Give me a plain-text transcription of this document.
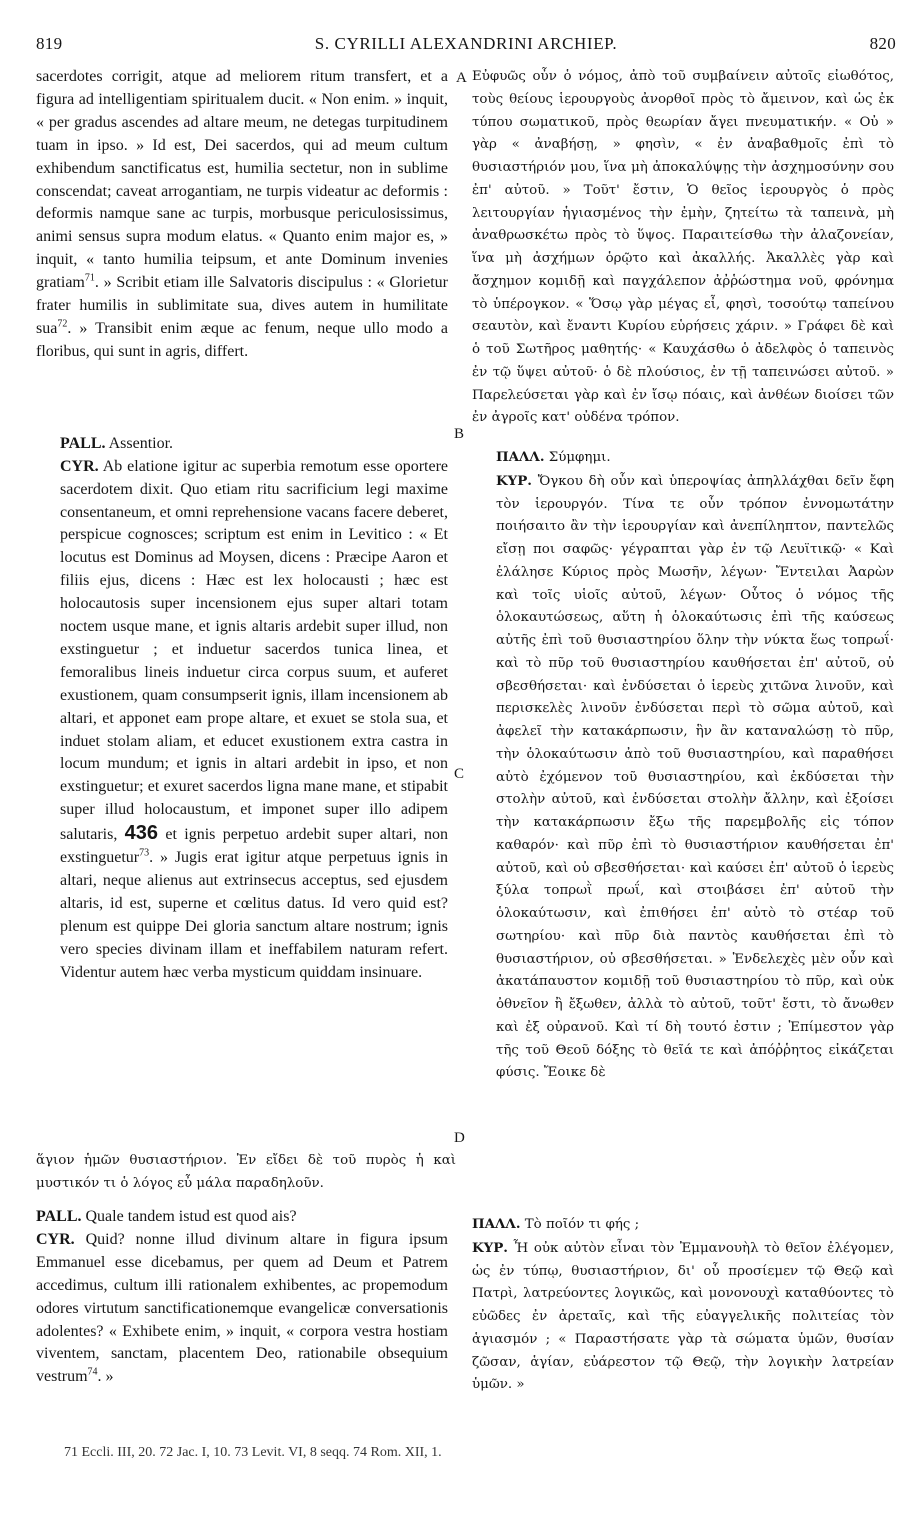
819	S. CYRILLI ALEXANDRINI ARCHIEP.	820

sacerdotes corrigit, atque ad meliorem ritum transfert, et a figura ad intelligentiam spiritualem ducit. « Non enim. » inquit, « per gradus ascendes ad altare meum, ne detegas turpitudinem tuam in ipso. » Id est, Dei sacerdos, qui ad meum cultum exhibendum sanctificatus est, humilia sectetur, non in sublime conscendat; caveat arrogantiam, ne turpis videatur ac deformis : deformis namque sane ac turpis, morbusque periculosissimus, animi sensus supra modum elatus. « Quanto enim major es, » inquit, « tanto humilia teipsum, et ante Dominum invenies gratiam$^{71}$. » Scribit etiam ille Salvatoris discipulus : « Glorietur frater humilis in sublimitate sua, dives autem in humilitate sua$^{72}$. » Transibit enim æque ac fenum, neque ullo modo a floribus, qui sunt in agris, differt.

PALL. Assentior.

CYR. Ab elatione igitur ac superbia remotum esse oportere sacerdotem dixit. Quo etiam ritu sacrificium legi maxime consentaneum, et omni reprehensione vacans facere deberet, perspicue cognosces; scriptum est enim in Levitico : « Et locutus est Dominus ad Moysen, dicens : Præcipe Aaron et filiis ejus, dicens : Hæc est lex holocausti ; hæc est holocautosis super incensionem ejus super altari totam noctem usque mane, et ignis altaris ardebit super illud, non exstinguetur ; et induetur sacerdos tunica linea, et femoralibus lineis induetur circa corpus suum, et auferet exustionem, quam consumpserit ignis, illam incensionem ab altari, et apponet eam prope altare, et exuet se stola sua, et induet stolam aliam, et educet exustionem extra castra in locum mundum; et ignis in altari ardebit in ipso, et non exstinguetur; et exuret sacerdos ligna mane mane, et stipabit super illud holocaustum, et imponet super illo adipem salutaris, 436 et ignis perpetuo ardebit super altari, non exstinguetur$^{73}$. » Jugis erat igitur atque perpetuus ignis in altari, neque alienus aut extrinsecus acceptus, sed ejusdem altaris, id est, superne et cœlitus datus. Id vero quid est? plenum est quippe Dei gloria sanctum altare nostrum; ignis vero species divinam illam et ineffabilem naturam refert. Videntur autem hæc verba mysticum quiddam insinuare.

A
B
C
D

Εὐφυῶς οὖν ὁ νόμος, ἀπὸ τοῦ συμβαίνειν αὐτοῖς εἰωθότος, τοὺς θείους ἱερουργοὺς ἀνορθοῖ πρὸς τὸ ἄμεινον, καὶ ὡς ἐκ τύπου σωματικοῦ, πρὸς θεωρίαν ἄγει πνευματικήν. « Οὐ » γὰρ « ἀναβήσῃ, » φησὶν, « ἐν ἀναβαθμοῖς ἐπὶ τὸ θυσιαστήριόν μου, ἵνα μὴ ἀποκαλύψῃς τὴν ἀσχημοσύνην σου ἐπ' αὐτοῦ. » Τοῦτ' ἔστιν, Ὁ θεῖος ἱερουργὸς ὁ πρὸς λειτουργίαν ἡγιασμένος τὴν ἐμὴν, ζητείτω τὰ ταπεινὰ, μὴ ἀναθρωσκέτω πρὸς τὸ ὕψος. Παραιτείσθω τὴν ἀλαζονείαν, ἵνα μὴ ἀσχήμων ὁρῷτο καὶ ἀκαλλής. Ἀκαλλὲς γὰρ καὶ ἄσχημον κομιδῇ καὶ παγχάλεπον ἀῤῥώστημα νοῦ, φρόνημα τὸ ὑπέρογκον. « Ὅσῳ γὰρ μέγας εἶ, φησὶ, τοσούτῳ ταπείνου σεαυτὸν, καὶ ἔναντι Κυρίου εὑρήσεις χάριν. » Γράφει δὲ καὶ ὁ τοῦ Σωτῆρος μαθητής· « Καυχάσθω ὁ ἀδελφὸς ὁ ταπεινὸς ἐν τῷ ὕψει αὐτοῦ· ὁ δὲ πλούσιος, ἐν τῇ ταπεινώσει αὐτοῦ. » Παρελεύσεται γὰρ καὶ ἐν ἴσῳ πόαις, καὶ ἀνθέων διοίσει τῶν ἐν ἀγροῖς κατ' οὐδένα τρόπον.

ΠΑΛΛ. Σύμφημι.

ΚΥΡ. Ὄγκου δὴ οὖν καὶ ὑπεροψίας ἀπηλλάχθαι δεῖν ἔφη τὸν ἱερουργόν. Τίνα τε οὖν τρόπον ἐννομωτάτην ποιήσαιτο ἂν τὴν ἱερουργίαν καὶ ἀνεπίληπτον, παντελῶς εἴσῃ ποι σαφῶς· γέγραπται γὰρ ἐν τῷ Λευϊτικῷ· « Καὶ ἐλάλησε Κύριος πρὸς Μωσῆν, λέγων· Ἔντειλαι Ἀαρὼν καὶ τοῖς υἱοῖς αὐτοῦ, λέγων· Οὗτος ὁ νόμος τῆς ὁλοκαυτώσεως, αὕτη ἡ ὁλοκαύτωσις ἐπὶ τῆς καύσεως αὐτῆς ἐπὶ τοῦ θυσιαστηρίου ὅλην τὴν νύκτα ἕως τοπρωΐ· καὶ τὸ πῦρ τοῦ θυσιαστηρίου καυθήσεται ἐπ' αὐτοῦ, οὐ σβεσθήσεται· καὶ ἐνδύσεται ὁ ἱερεὺς χιτῶνα λινοῦν, καὶ περισκελὲς λινοῦν ἐνδύσεται περὶ τὸ σῶμα αὐτοῦ, καὶ ἀφελεῖ τὴν κατακάρπωσιν, ἣν ἂν καταναλώσῃ τὸ πῦρ, τὴν ὁλοκαύτωσιν ἀπὸ τοῦ θυσιαστηρίου, καὶ παραθήσει αὐτὸ ἐχόμενον τοῦ θυσιαστηρίου, καὶ ἐκδύσεται τὴν στολὴν αὐτοῦ, καὶ ἐνδύσεται στολὴν ἄλλην, καὶ ἐξοίσει τὴν κατακάρπωσιν ἔξω τῆς παρεμβολῆς εἰς τόπον καθαρόν· καὶ πῦρ ἐπὶ τὸ θυσιαστήριον καυθήσεται ἐπ' αὐτοῦ, καὶ οὐ σβεσθήσεται· καὶ καύσει ἐπ' αὐτοῦ ὁ ἱερεὺς ξύλα τοπρωῒ πρωΐ, καὶ στοιβάσει ἐπ' αὐτοῦ τὴν ὁλοκαύτωσιν, καὶ ἐπιθήσει ἐπ' αὐτὸ τὸ στέαρ τοῦ σωτηρίου· καὶ πῦρ διὰ παντὸς καυθήσεται ἐπὶ τὸ θυσιαστήριον, οὐ σβεσθήσεται. » Ἐνδελεχὲς μὲν οὖν καὶ ἀκατάπαυστον κομιδῇ τοῦ θυσιαστηρίου τὸ πῦρ, καὶ οὐκ ὀθνεῖον ἢ ἔξωθεν, ἀλλὰ τὸ αὐτοῦ, τοῦτ' ἔστι, τὸ ἄνωθεν καὶ ἐξ οὐρανοῦ. Καὶ τί δὴ τουτό ἐστιν ; Ἐπίμεστον γὰρ τῆς τοῦ Θεοῦ δόξης τὸ θεῖά τε καὶ ἀπόῤῥητος εἰκάζεται φύσις. Ἔοικε δὲ

ἅγιον ἡμῶν θυσιαστήριον. Ἐν εἴδει δὲ τοῦ πυρὸς ἡ καὶ μυστικόν τι ὁ λόγος εὖ μάλα παραδηλοῦν.

PALL. Quale tandem istud est quod ais?

CYR. Quid? nonne illud divinum altare in figura ipsum Emmanuel esse dicebamus, per quem ad Deum et Patrem accedimus, cultum illi rationalem exhibentes, ac propemodum odores virtutum sanctificationemque evangelicæ conversationis adolentes? « Exhibete enim, » inquit, « corpora vestra hostiam viventem, sanctam, placentem Deo, rationabile obsequium vestrum$^{74}$. »

ΠΑΛΛ. Τὸ ποῖόν τι φής ;

ΚΥΡ. Ἦ οὐκ αὐτὸν εἶναι τὸν Ἐμμανουὴλ τὸ θεῖον ἐλέγομεν, ὡς ἐν τύπῳ, θυσιαστήριον, δι' οὗ προσίεμεν τῷ Θεῷ καὶ Πατρὶ, λατρεύοντες λογικῶς, καὶ μονονουχὶ καταθύοντες τὸ εὐῶδες ἐν ἀρεταῖς, καὶ τῆς εὐαγγελικῆς πολιτείας τὸν ἁγιασμόν ; « Παραστήσατε γὰρ τὰ σώματα ὑμῶν, θυσίαν ζῶσαν, ἁγίαν, εὐάρεστον τῷ Θεῷ, τὴν λογικὴν λατρείαν ὑμῶν. »

71 Eccli. III, 20. 72 Jac. I, 10. 73 Levit. VI, 8 seqq. 74 Rom. XII, 1.
